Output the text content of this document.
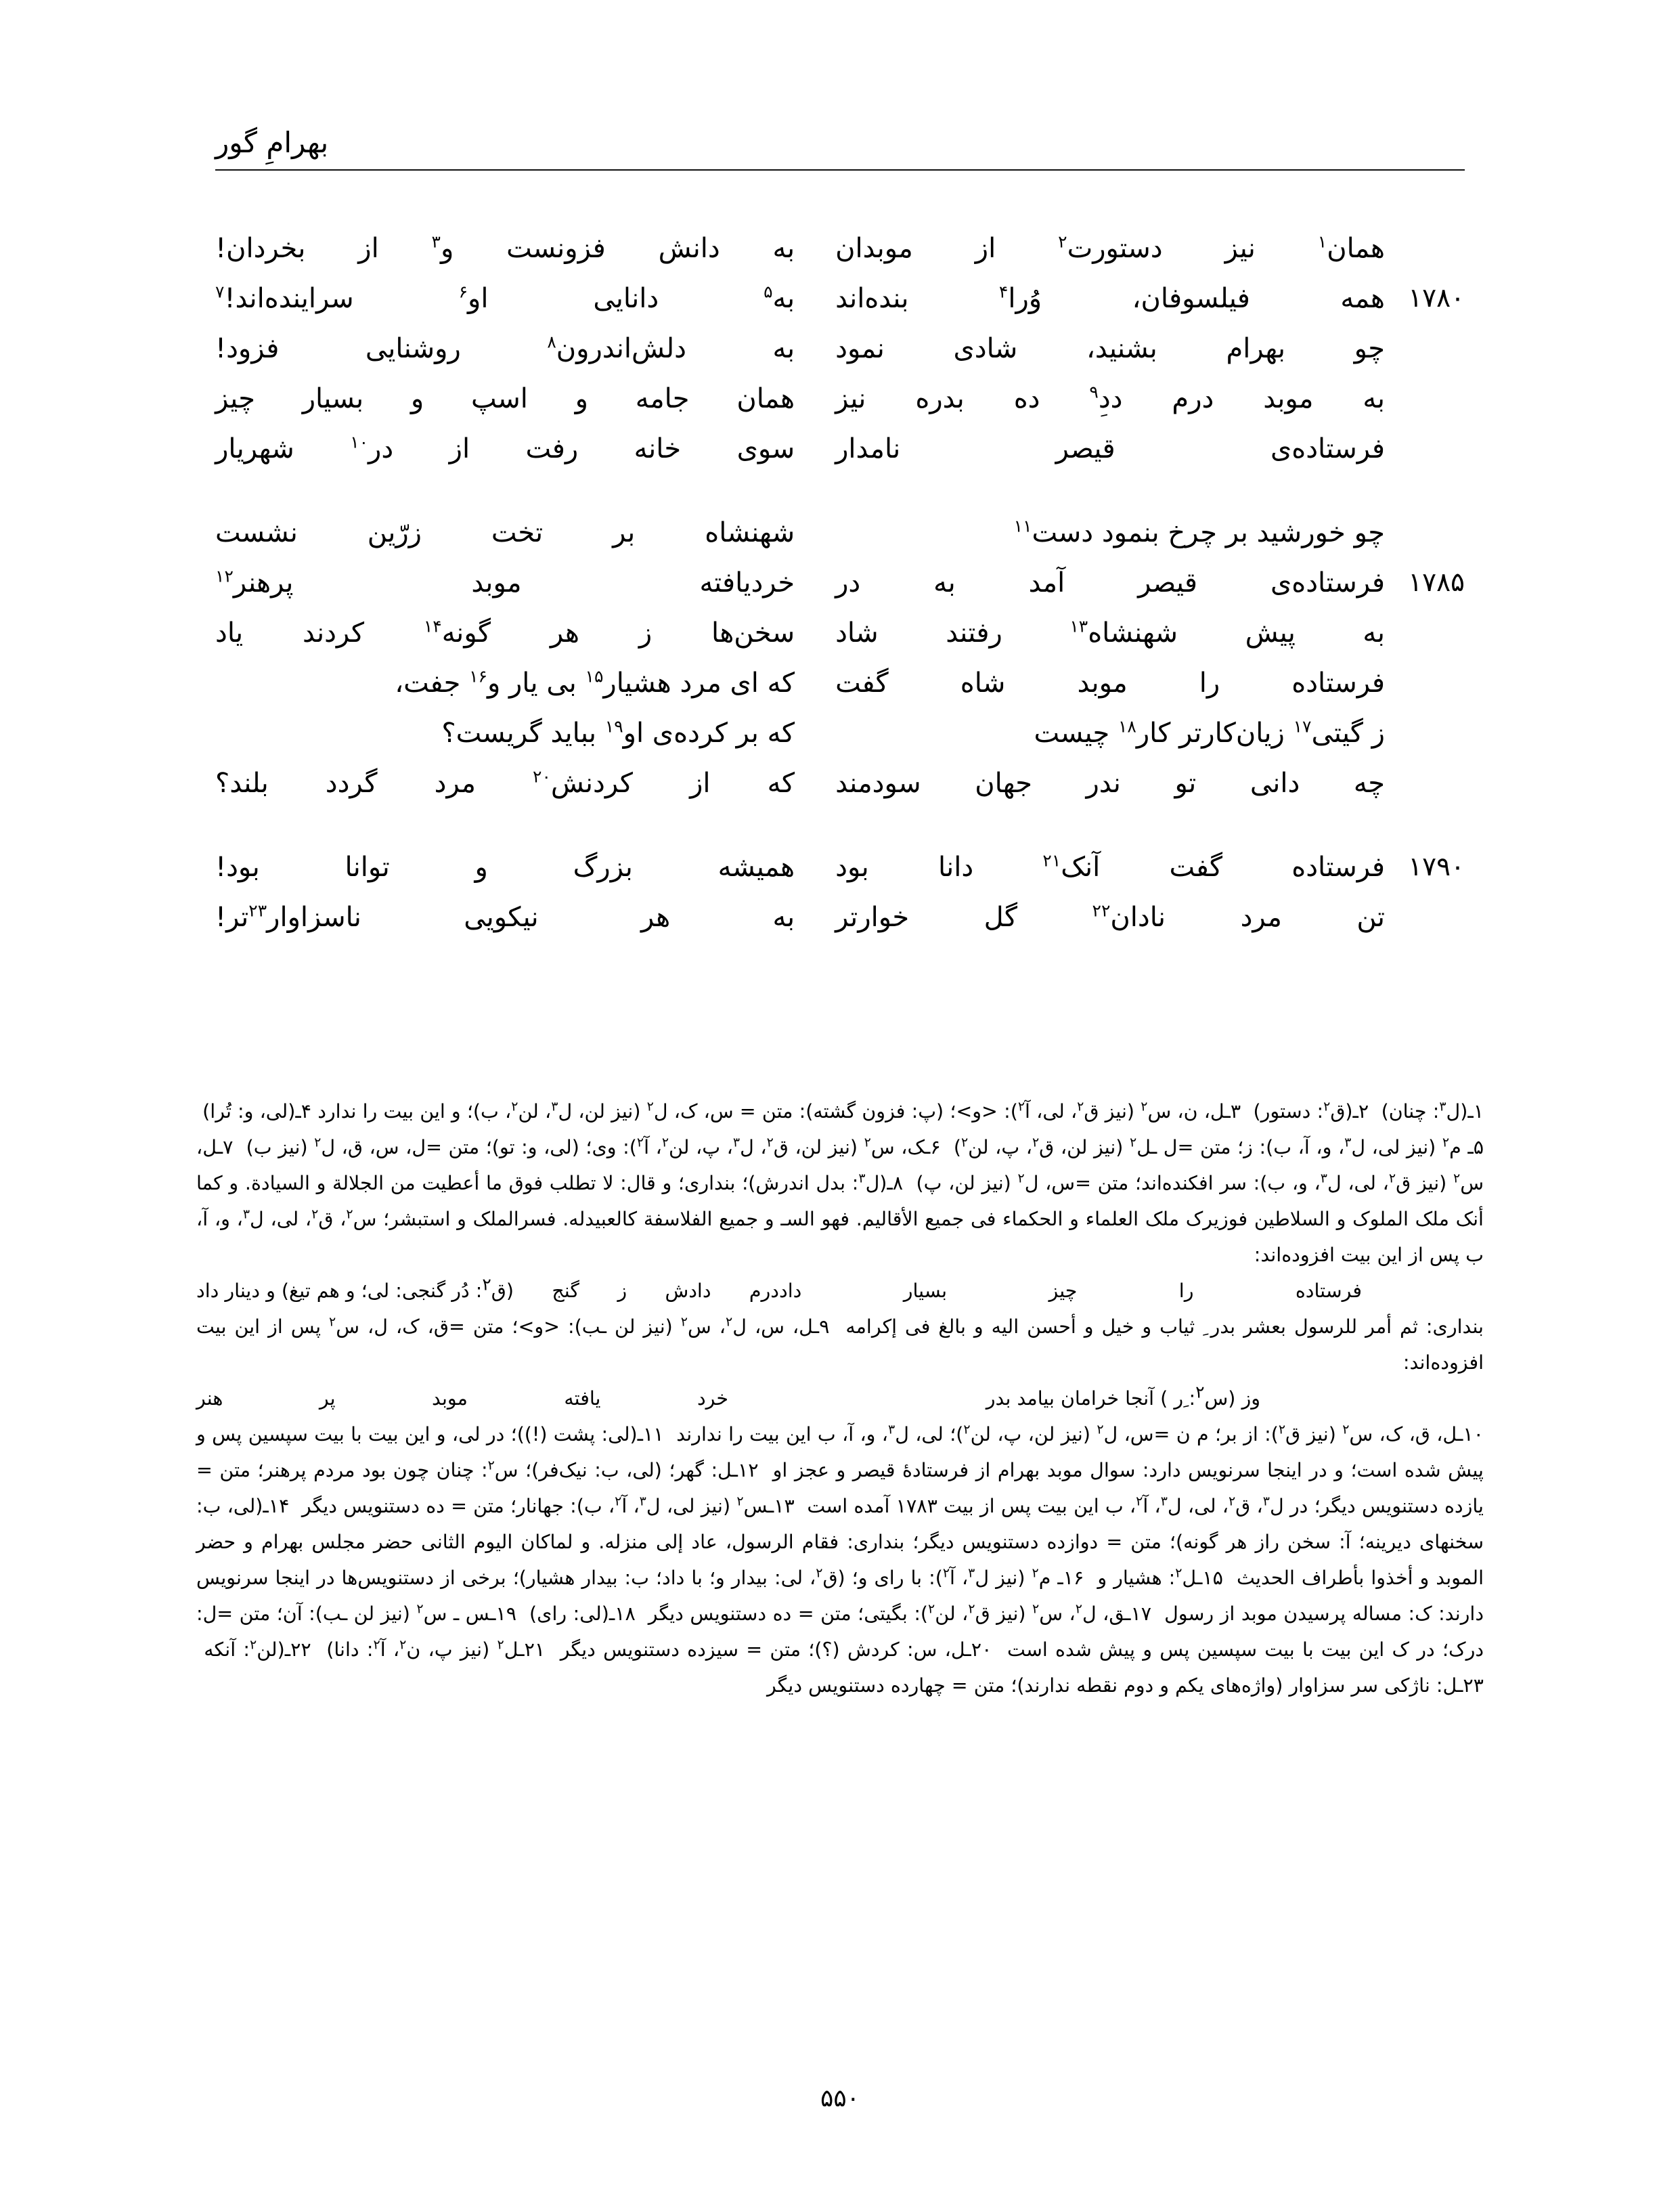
بهرامِ گور
همان$^۱$
نیز
دستورت$^۲$
از
موبدان
به
دانش
فزونست
و$^۳$
از
بخردان!
۱۷۸۰
همه
فیلسوفان،
وُرا$^۴$
بنده‌اند
به$^۵$
دانایی
او$^۶$
سراینده‌اند!$^۷$
چو
بهرام
بشنید،
شادی
نمود
به
دلش‌اندرون$^۸$
روشنایی
فزود!
به
موبد
درم
دد$^۹$
ده
بدره
نیز
همان
جامه
و
اسپ
و
بسیار
چیز
فرستاده‌ی
قیصر
نامدار
سوی
خانه
رفت
از
در$^{۱۰}$
شهریار
چو خورشید بر چرخ بنمود دست$^{۱۱}$
شهنشاه
بر
تخت
زرّین
نشست
۱۷۸۵
فرستاده‌ی
قیصر
آمد
به
در
خردیافته
موبد
پرهنر$^{۱۲}$
به
پیش
شهنشاه$^{۱۳}$
رفتند
شاد
سخن‌ها
ز
هر
گونه$^{۱۴}$
کردند
یاد
فرستاده
را
موبد
شاه
گفت
که ای مرد هشیار$^{۱۵}$ بی یار و$^{۱۶}$ جفت،
ز گیتی$^{۱۷}$ زیان‌کارتر کار$^{۱۸}$ چیست
که بر کرده‌ی او$^{۱۹}$ بباید گریست؟
چه
دانی
تو
ندر
جهان
سودمند
که
از
کردنش$^{۲۰}$
مرد
گردد
بلند؟
۱۷۹۰
فرستاده
گفت
آنک$^{۲۱}$
دانا
بود
همیشه
بزرگ
و
توانا
بود!
تن
مرد
نادان$^{۲۲}$
گل
خوارتر
به
هر
نیکویی
ناسزاوار$^{۲۳}$تر!

۱ـ(ل$^۳$: چنان)  ۲ـ(ق$^۲$: دستور)  ۳ـل، ن، س$^۲$ (نیز ق$^۲$، لی، آ$^۲$): <و>؛ (پ: فزون گشته): متن = س، ک، ل$^۲$ (نیز لن، ل$^۳$، لن$^۲$، ب)؛ و این بیت را ندارد ۴ـ(لی، و: تُرا)  ۵ـ م$^۲$ (نیز لی، ل$^۳$، و، آ، ب): ز؛ متن =ل ـل$^۲$ (نیز لن، ق$^۲$، پ، لن$^۲$)  ۶ـک، س$^۲$ (نیز لن، ق$^۲$، ل$^۳$، پ، لن$^۲$، آ$^۲$): وی؛ (لی، و: تو)؛ متن =ل، س، ق، ل$^۲$ (نیز ب)  ۷ـل، س$^۲$ (نیز ق$^۲$، لی، ل$^۳$، و، ب): سر افکنده‌اند؛ متن =س، ل$^۲$ (نیز لن، پ)  ۸ـ(ل$^۳$: بدل اندرش)؛ بنداری؛ و قال: لا تطلب فوق ما أعطیت من الجلالة و السیادة. و کما أنک ملک الملوک و السلاطین فوزیرک ملک العلماء و الحکماء فی جمیع الأقالیم. فهو السـ و جمیع الفلاسفة کالعبیدله. فسرالملک و استبشر؛ س$^۲$، ق$^۲$، لی، ل$^۳$، و، آ، ب پس از این بیت افزوده‌اند:

فرستاده
را
چیز
بسیار
داد
درم
دادش
ز
گنج
(ق$^۲$: دُر گنجی: لی؛ و هم تیغ) و دینار داد

بنداری: ثم أمر للرسول بعشر بدر ِ ثیاب و خیل و أحسن الیه و بالغ فی إکرامه  ۹ـل، س، ل$^۲$، س$^۲$ (نیز لن ـب): <و>؛ متن =ق، ک، ل، س$^۲$ پس از این بیت افزوده‌اند:

وز (س$^۲$: ِر ) آنجا خرامان بیامد بدر
خرد
یافته
موبد
پر
هنر

۱۰ـل، ق، ک، س$^۲$ (نیز ق$^۲$): از بر؛ م ن =س، ل$^۲$ (نیز لن، پ، لن$^۲$)؛ لی، ل$^۳$، و، آ، ب این بیت را ندارند  ۱۱ـ(لی: پشت (!))؛ در لی، و این بیت با بیت سپسین پس و پیش شده است؛ و در اینجا سرنویس دارد: سوال موبد بهرام از فرستادهٔ قیصر و عجز او  ۱۲ـل: گهر؛ (لی، ب: نیک‌فر)؛ س$^۲$: چنان چون بود مردم پرهنر؛ متن = یازده دستنویس دیگر؛ در ل$^۳$، ق$^۲$، لی، ل$^۳$، آ$^۲$، ب این بیت پس از بیت ۱۷۸۳ آمده است  ۱۳ـس$^۲$ (نیز لی، ل$^۳$، آ$^۲$، ب): جهانار؛ متن = ده دستنویس دیگر  ۱۴ـ(لی، ب: سخنهای دیرینه؛ آ: سخن راز هر گونه)؛ متن = دوازده دستنویس دیگر؛ بنداری: فقام الرسول، عاد إلی منزله. و لماکان الیوم الثانی حضر مجلس بهرام و حضر الموبد و أخذوا بأطراف الحدیث  ۱۵ـل$^۲$: هشیار و  ۱۶ـ م$^۲$ (نیز ل$^۳$، آ$^۲$): با رای و؛ (ق$^۲$، لی: بیدار و؛ با داد؛ ب: بیدار هشیار)؛ برخی از دستنویس‌ها در اینجا سرنویس دارند: ک: مساله پرسیدن موبد از رسول  ۱۷ـق، ل$^۲$، س$^۲$ (نیز ق$^۲$، لن$^۲$): بگیتی؛ متن = ده دستنویس دیگر  ۱۸ـ(لی: رای)  ۱۹ـس ـ س$^۲$ (نیز لن ـب): آن؛ متن =ل: درک؛ در ک این بیت با بیت سپسین پس و پیش شده است  ۲۰ـل، س: کردش (؟)؛ متن = سیزده دستنویس دیگر  ۲۱ـل$^۲$ (نیز پ، ن$^۲$، آ$^۲$: دانا)  ۲۲ـ(لن$^۲$: آنکه  ۲۳ـل: ناژکی سر سزاوار (واژه‌های یکم و دوم نقطه ندارند)؛ متن = چهارده دستنویس دیگر

۵۵۰
